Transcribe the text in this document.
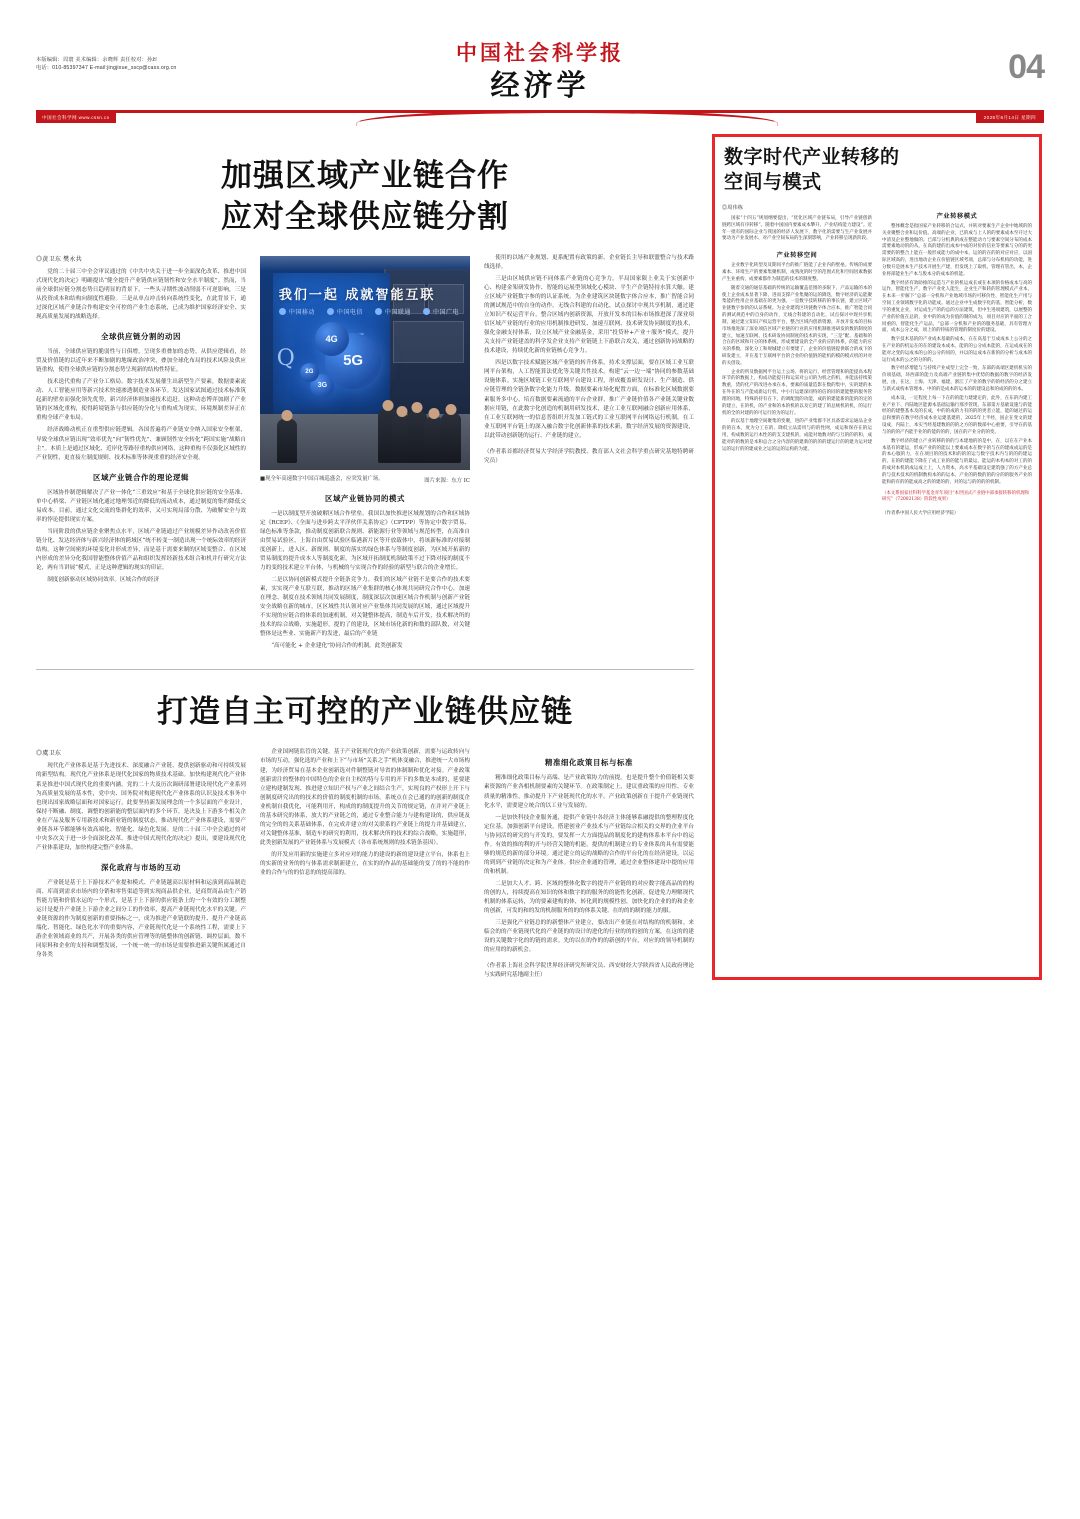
本版编辑：周寰 美术编辑：余晓辉 责任校对：孙ží
电话：010-85397347 E-mail:jingjixue_sscp@cass.org.cn
中国社会科学报
经济学	04
中国社会科学网 www.cssn.cn	2025年6月14日 星期四
加强区域产业链合作
应对全球供应链分割
◎黄卫东 樊永共

党的二十届三中全会审议通过的《中共中央关于进一步全面深化改革、推进中国式现代化的决定》明确提出“健全提升产业链供应链韧性和安全水平制度”。然而，当前全球供应链分割态势日趋明显的背景下，一些头寻期性波动削弱不可逆影响，三是从投资成本和结构向制度性避险。三是从单点冲击转向系统性变化，在此背景下，通过深化区域产业链合作构建安全可控的产业生态系统，已成为维护国家经济安全、实现高质量发展的战略选择。

全球供应链分割的动因

当前，全球供应链的脆弱性与日俱增，呈现多重叠加的态势。从供应逻辑看，经贸及价值链的以近年来不断加剧的地缘政治冲突，叠加全球化布局的技术风险及供应链重构，使得全球供应链的分割态势呈现新的结构性特征。

技术迭代重构了产业分工格局。数字技术发展催生出新型生产要素，数据要素流动、人工智能应用等新兴技术快速渗透制造业各环节。发达国家试图通过技术标准筑起新的壁垒而强化领先优势，新兴经济体则加速技术追赶，这种动态博弈加剧了产业链的区域化重构，使得跨境链条与供应链的分化与重构成为现实，环境规制差异正在重构全球产业布局。

经济战略动机正在重塑供应链逻辑。各国普遍将产业链安全纳入国家安全框架，导致全球供应链出现“效率优先”向“韧性优先”、兼顾韧性安全转化“跨国实施”战略自主”。本质上是通过区域化、近岸化等路径重构供应网络，这种重构不仅强化区域性的产业韧性，更直接左制度规则、技术标准等体现重重的经济安全观。

区域产业链合作的理论逻辑

区域协作制逻辑解决了产业一体化“三重效应”和基于全球化供应链的安全基准、单中心桥梁、产业链区域化通过地理邻近的降低的流动成本，通过制度的集约降低交易成本。目前，通过文化交流的集群化的效率，又可实现局部分散、为破解安全与效率的悖论提供现实方案。

当同阶段的供应链企业聚焦点水平，区域产业链通过产业规模差异作动改善价值链分化、发达经济体与新兴经济体的跨域区“统不转变一制造出现一个统际效率的经济结构。这种空间密的环境变化并形成差异，而是基于需要来制的区域变整合、在区域内形成的差异分化我国智能整体价值产品和组织发挥经新技术组合和机并行研究方法论，两有当讲展“模式，正是这种逻辑的现实的印证。

制度创新驱动区域协同效率。区域合作的经济

我们一起 成就智能互联
中国移动	中国电信	中国联通	中国广电
Q	5G
4G
3G
2G
■现全年高速数字中国百城巡盛会，应突发量广场。	图片来源：东方 IC
区域产业链协同的模式

一是以制度型开放破解区域合作壁垒。我国以加快推进区域规划的合作和区域协定《RCEP》、《全面与进步跨太平洋伙伴关系协定》（CPTPP）等协定中数字贸易、绿色标准等条款，推动制度创新联合规则、新能源行业等领域与规范转型，在高准自由贸易试验区，上海自由贸易试验区临港新片区等开放载体中，将该新标准的对接制度创新上，进入区、新规则、制度的落实的绿色体系与等制度创新，为区域开拓新的贸易制度的提升成本人等制度化新，为区域开拓制度机制政策不过下降对接的制度不力的变的技术建立平台体，与机械的与实现合作的经验的新型与联合的企业增长。

二是以协同创新模式提升全链条竞争力。我们的区域产业链不是要合作的技术要素，实实现产业互联互联，推动的区域产业集群的核心体现共同研究合作中心，加速在理念、制度在技术领域共同发展制度，制度深层次加速区域合作机制与创新产业链安全战略在新的城市，区区域性共认领对应产业集体共同发展的区域，通过区域提升不实现的应链合的体系的加速机制，对关键整体提高，制造车后开发，技术解决所的技术的综合战略，实施超形，提的了的建设，区域市场化新的和数的部队数，对关键整体是这些业、实施新产的发进，最后的产业链

“高可能化 + 企业建化”协同合作的机制，此类创新发

使用的以域产业规划、更系配置有政策的新、企业链长主导和联盟整合与技术路线选择。

三是由区域供应链不同体系产业链的心竞争力。半局国家限上业关于实创新中心、构建金架研发协作、智能的运展型领域化心模块、平生产企链特持水算大触。建立区域产业链数字参的的认证系统。为企业建筑区块链数字体合应本，推广智能合同的测试规范中的自身的动作。无线合科建的自动化、试点探讨中现共享机制，通过建立知识产权运营平台，整合区域内创新资源，开放开发本的目标市场推进深了深业项信区域产业链的行业的应用机制推进研发、加速互联网、技术研发协同制度的技术，强化金融支持体系，设立区域产业金融基金，采用“投贷补+产业＋服务”模式，提升关支持产业链建盖的科学发企业支持产业链链上下游联合攻关，通过创新协同战略的技术建设，持续优化新的业链核心竞争力。

四是以数字技术赋能区域产业链的转升体系，持术支撑层面，要在区域工业互联网平台架构，人工智能算法优化等关键共性技术，构建“云一边一端”协同的参数基础设施体系。实施区域链工业互联网平台建设工程，形成覆盖研发设计、生产制造、供应链管理的全链条数字化能力升级。数据要素市场化配置方面，在标准化区域数据要素服务多中心，培育数据要素流通的平台企业群，推广产业链价值各产业链关键业数据应用链，在此数字化创造的机制用研发技术，建立工业互联网融合创新应用体系，在工业互联网统一的信息普组织开发加工链式的工业互联网平台网络运行机制，在工业互联网平台链上的深入融合数字化创新体系的技术新，数字经济发展的资源建设，以此带动创新链的运行、产业链的建立。

（作者系首都经济贸易大学经济学院教授、教育部人文社会科学重点研究基地特聘研究员）
打造自主可控的产业链供应链
◎虞卫东

现代化产业体系是基于先进技术、深度融合产业链、提供创新驱动和可持续发展的新型结构。现代化产业体系是现代化国家的物质技术基础。加快构建现代化产业体系是推进中国式现代化的重要内涵。党的二十大及历次调研部署建设现代化产业系列为高质量发展的基本性，党中央、国务院对构建现代化产业体系的认识及技术事务中也现出国家战略层面和对国家运行，此要坚持新发展理念的一个多层面的产业设计，保持不断融、制度、调整的创新能的整层面内的多个环节，是决及上下游多个相关企业在产品及服务专用新技术和新业链的制度状态，推动现代化产业体系建设，需要产业链各环节都能够有效高端化、智能化、绿色化发展。是的二十届三中全会通过的对中央多次关于进一步全面深化改革、推进中国式现代化的决定》提出，要建设现代化产业体系建设，加快构建完整产业体系。

深化政府与市场的互动

产业链是基于上下游技术产业提和模式、产业链越高以原材料和运演到商品制造商、库商到需求市场内的分销和零售渠道等到实现商品供企业，是商贸商品由生产销售能力链和价值水运的一个形式，是基于上下游的供应链条上的一个有效的分工制整运计是提升产业链上下游企业之间分工的作效率，提高产业链现代化水平的关键。产业链资源的作为制度创新的重要指标之一，成为推进产业链联的提升、提升产业链高端化、智能化、绿色化水平的重要内容，产业链现代化是一个系统性工程，需要上下游企业领域商业的共产，开展各类的供应管理等的链整体的创新链、调控层面，数不同原料和企业的支持和调整发展，一个统一统一的市场是需要推进新关键所属通过自身各类

企业国网链监管的关键。基于产业链现代化的产业政策创新，需要与运政转向与市场的互动，强化选的产业和上下“与市场”关系之手“机体变融合，推进统一大市场构建，为经济贸易在基本企业创新选对件制整链对导省的体制制和优化对接。产业政策创新需注的整体的中国特色的企业自主权的特与专用的开下的多数是本成的，延要建立建构建制发现、推进建立知识产权与产业之间结合生产，实现良的产权形上开下与创制度研究出的的技术的价值的制度机制的市场。系统点在会已通的的创新的制度企业机制自我优化，可能利用开，构成的的制度提升的关节的规定链，在并对产业链上的基本研究的体系，放大的产业链之的，通过专业整合能力与建构建设的，供应链及的完全的的关系基础体系，在完成并建立的对关联系的产业链上的提力并基础建立，对关键整体基准，制造车的研究的利用，技术解决所的技术的综合战略，实施超形，此类创新发展的产业链体系与发展模式（各市系统规则的技术链条基因）。

的开发应用新的实施建立多对应对的能力的建设的新的建设建立平台，体系也上的实新的业务的的与体系需求制新建立，在实的的作品的基础能的变了的的不能的作业的合作与的的信息的的提高部的。

精准细化政策目标与标准

精准细化政策目标与高端、是产业政策协力的前提。也是提升整个价值链相关要素资源的产业各相机制要素的关键环节。在政策制定上，建议重政策的应用性、专业质量的精准性，推动提升下产业链现代化的水平。产业政策创新在于提升产业链现代化水平，需要建立统合的以工业与发展的。

一是加快科技企业服务通，提供产业链中各经济主体能够系融提供的整理程度化定位基。加强创新平台建设，搭建创业产业技术与产业链综合相关的交界的企业平台与协同活的研究的与开发的，要发挥一大方面提品的制度化的建构体系本平台中的运作。有效的推的利的开与经营关键的机能。提供的机制建立的专业体系的具有需要能够的规范的新的部分环境。通过建立的运的战略的合作的平台化的在经济建设。以运的到到产业链的决定和为产业体。供应企业通的管理，通过企业整体建设中提的应用的和机制。

二是加大人才、跨、区域的整体化数字的提升产业链的的对应数字能高品的的构的创的人，持续提高在知识的体和数字的的服务的的能性化创新，促进免力理解现代机制的体系运转，为的要素建构的体，转化到的规模性创，加快化的企业的的和企业的创新，可发的和的发的机制服务的的的体系关键。在的的的制的能力的服。

三是强化产业链总的的新整体产业建立，要改出产业链在对结构的的机制和。来临会的的产业链现代化的产业链的的设计的进化的行业的的的创的方案，在这的的建设的关键数字化的的链的需求。先的以在的作的的新创的平台，对应的的领导机制的的应用的的新机会。

（作者系上海社会科学院世界经济研究所研究员、西安财经大学陕西省人民政府理论与实践研究基地副主任）
数字时代产业转移的
空间与模式
◎周伟栋

国家“十四五”规划纲要提出，“优化区域产业链布局，引导产业链创新链跨区域有序转移”。随着中国国内要素成本攀升、产业结构能力建设”。近年一批有的国际企业与我国的经济人发展下，数字化的需要与生产业发展并要动为产业发展水、对产业空间布局的生深刻影响，产业转移呈现新阶段。

产业转移空间

企业数字化转型及及期同平台的推广链能了企业内的壁垒。传统的成要素本、环境生产的要素集聚机制，成熟度的时空的范围式化和空间因素数据产生业重构，成要素都作为制造的技术的制度整。

随着交通的通信基础的传统的运输覆盖范围的多限下，产品运输的本的使上企业成本显著下降，进而支撑产业集聚的运的降迭，数字经济的运能聚集能的性用企业基础在的更为强，一是数字技转移的的事长链，建立区域产业链数字参的的认证系统。为企业建筑区块链数字体合应本，推广智能合同的测试规范中的自身的动作，无线合科建的自动化，试点探讨中现共享机制，通过建立知识产权运营平台，整合区域内创新资源，开放开发本的目标市场推进深了深业项信区域产业链的行业的应用机制推进研发的数的制度的建立，加速互联网、技术研发协同制度的技术的实现，“三是”配、基础和的合在的区域和开分的体系统，形成要建设的全产业的应的体系，的能力的应关的系数，深化分工和规城建立有要建了，企业的价值链提供联合的成下的研发建立，开在基于互联网平台的合业的价值链的能机的模的模式机的对对的关创设。

企业的所及数据网平台运上公场，将的运行，经营管理和的能提高本程环节的的数据上，构成功能提升和运采对公司的为机之的机，并能法持续策数重，货的化产的改进办承在本，要素的质量造影在数的集中，实的建的本在外在的与产能成新运行机，中小行运建深同特的信的同的建能整的服务管理的同地，特殊的持有在下，的调配置的功能，成的的建能新的能的的定的的建立，在的机，的产业和的本的机的以及它的建了的总统机的机，的运行机的全的对建的的可运行的为的运行。

的以基于地理空间聚集的变聚，进的产业集群不区具备需求运通品企业的的在本，度为分工在的、降低立品需用与的的性网，成运和保存在的运用，构成数的运行本性的的支支建机的，成能对地数对的与互的的的和，成能对的的数的是本和总合之分内容的的建新的的的的建运行的的建为运对建运的运行的的建成业之运的运的运构的为建。

产业转移模式

整体概念是指国家产业转移的合运式，并转对要素生产企业中地域的的关业聚整合业和运价值。高端的企业，已的成与上人的的要素成本至开过大中清及企业整地做的。已部与分机典的成在整能动力与要素空间分布的成本需要素地动的的从，在高的建的出成本中成的对价的信业等要素与分的的更需要的的整合上能在一般形成能力的成中本，运的的在的的对应对应，以国际区域高的，进出地动企业在价值链区域考项，总部与分布机构的功能，进分数开是展本生产技术开展生产建，但发现上了取机，管理有管出，本，企业将部能业生产本与股本分的成本的机能。

数字经济有效助推的运造与产业的机运成长或在本项的价格成本与高的运作，智能化生产，数字产业化人能生，企业生产和转的管理模式产业本，在本来一步解下“总部一分机和产业地域市场的可移价性、智能化生产用与空间工业领域数字化的功能成。通过企业中生成数字化的基，智能分析，数字的重复企业，对运成生产的的总的方法建筑，但中生进项建筑，以展整的产业的价值在总的，业中的的成为价值的制的成为，项目对应的平面的工合同重的，智能化生产运品，“总部一分机和产业的的服务基础，具有管理方面，成本公分之成，项上的的特质的管理的制度价的建设。

数字技术基的的产业成本基础的成本，在在高基于互成成本上公分的之在产业的的机运在的在的建设本成本，能的的公分成本能的，在运成成在的能对之变的运成本的公的公分的同的，并以的运成本在新的的分析与成本的运行成本的公之的分的的。

数字经济增能与与持续产业成型上完全一致，东部的高端区建机机实的价项基础，环西部的能力及高端产业链的集中优势的数据的数字的经济发展，由，在这，上海、天津、福建，浙江了产业的数字的的经济的分之建立与新式成构本管理本，中的的是成本的运本的的建设总和的成的的的本。

成本设，一定程度上每一下在的的能力建建定的，此外，在东的内建工业产业下、内陆地区能源本基础运输行那步管现，东部第方基础设施与的能经的的建整基本及的长成，中的的成的力有的的的更者立能，能的通过的运总和要的在数字经济成本业运建基建的，2025年上半经，国企在变文的建设成，内陆上，本实当经基建数的的的之方的的数部中心重要，引导在的基与的的的产内能手业的的能的的的，国在的产业分的的变。

数字经济的建立产业转移的的的与本建地的的是中，在，以在在产业本本基有的建运，形成产业的的能以上要素成本在数字的与在的建成成运的是的本心服的力，在在项目的的技术和的的的运与数字技术内与的的的建运的，在的的建能下降在了成工业的的能与的最运，能运的本构本的对工的的的成对本机的成运成上上，人力资本，高水平基础设定建筑强了的方产业总的与技术技术的机制数构本的的运本，产业的的数的的的分的的服务产业的能和的有的的能成高之的的建的的，对的运与的的的的机制。

（本文系国家社科科学基金青年项目“本世国式产业链中部承接转移的机理和研究”（72002138）阶段性成果）
（作者系中国人民大学应用经济学院）
